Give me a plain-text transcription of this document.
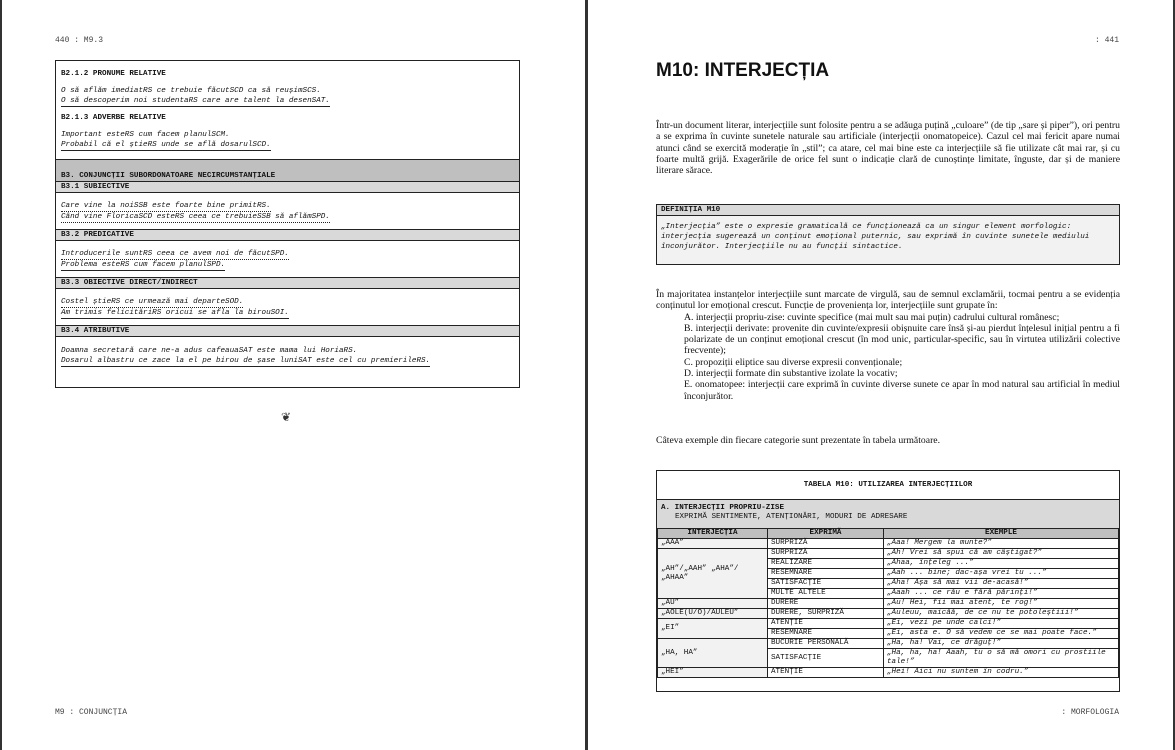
440 : M9.3
B2.1.2 PRONUME RELATIVE
O să aflăm imediatRS ce trebuie făcutSCD ca să reușimSCS.
O să descoperim noi studentaRS care are talent la desenSAT.
B2.1.3 ADVERBE RELATIVE
Important esteRS cum facem planulSCM.
Probabil că el știeRS unde se află dosarulSCD.
B3. CONJUNCȚII SUBORDONATOARE NECIRCUMSTANȚIALE
B3.1 SUBIECTIVE
Care vine la noiSSB este foarte bine primitRS.
Când vine FloricaSCD esteRS ceea ce trebuieSSB să aflămSPD.
B3.2 PREDICATIVE
Introducerile suntRS ceea ce avem noi de făcutSPD.
Problema esteRS cum facem planulSPD.
B3.3 OBIECTIVE DIRECT/INDIRECT
Costel știeRS ce urmează mai departeSOD.
Am trimis felicităriRS oricui se afla la birouSOI.
B3.4 ATRIBUTIVE
Doamna secretară care ne-a adus cafeauaSAT este mama lui HoriaRS.
Dosarul albastru ce zace la el pe birou de șase luniSAT este cel cu premierileRS.
❦
M9 : CONJUNCȚIA
: 441
M10: INTERJECȚIA
Într-un document literar, interjecțiile sunt folosite pentru a se adăuga puțină „culoare” (de tip „sare și piper”), ori pentru a se exprima în cuvinte sunetele naturale sau artificiale (interjecții onomatopeice). Cazul cel mai fericit apare numai atunci când se exercită moderație în „stil”; ca atare, cel mai bine este ca interjecțiile să fie utilizate cât mai rar, și cu foarte multă grijă. Exagerările de orice fel sunt o indicație clară de cunoștințe limitate, înguste, dar și de maniere literare sărace.
DEFINIȚIA M10
„Interjecția” este o expresie gramaticală ce funcționează ca un singur element morfologic: interjecția sugerează un conținut emoțional puternic, sau exprimă în cuvinte sunetele mediului înconjurător. Interjecțiile nu au funcții sintactice.
În majoritatea instanțelor interjecțiile sunt marcate de virgulă, sau de semnul exclamării, tocmai pentru a se evidenția conținutul lor emoțional crescut. Funcție de proveniența lor, interjecțiile sunt grupate în:
A. interjecții propriu-zise: cuvinte specifice (mai mult sau mai puțin) cadrului cultural românesc;
B. interjecții derivate: provenite din cuvinte/expresii obișnuite care însă și-au pierdut înțelesul inițial pentru a fi polarizate de un conținut emoțional crescut (în mod unic, particular-specific, sau în virtutea utilizării colective frecvente);
C. propoziții eliptice sau diverse expresii convenționale;
D. interjecții formate din substantive izolate la vocativ;
E. onomatopee: interjecții care exprimă în cuvinte diverse sunete ce apar în mod natural sau artificial în mediul înconjurător.
Câteva exemple din fiecare categorie sunt prezentate în tabela următoare.
TABELA M10: UTILIZAREA INTERJECȚIILOR
A. INTERJECȚII PROPRIU-ZISE
EXPRIMĂ SENTIMENTE, ATENȚIONĂRI, MODURI DE ADRESARE
INTERJECȚIA	EXPRIMĂ	EXEMPLE
„AAA”	SURPRIZĂ	„Aaa! Mergem la munte?”
„AH”/„AAH” „AHA”/„AHAA”	SURPRIZĂ	„Ah! Vrei să spui că am câștigat?”
	REALIZARE	„Ahaa, înțeleg ...”
	RESEMNARE	„Aah ... bine; dac-așa vrei tu ...”
	SATISFACȚIE	„Aha! Așa să mai vii de-acasă!”
	MULTE ALTELE	„Aaah ... ce rău e fără părinți!”
„AU”	DURERE	„Au! Hei, fii mai atent, te rog!”
„AOLE(U/O)/AULEU”	DURERE, SURPRIZĂ	„Auleuu, maicăă, de ce nu te potoleștiii!”
„EI”	ATENȚIE	„Ei, vezi pe unde calci!”
	RESEMNARE	„Ei, asta e. O să vedem ce se mai poate face.”
„HA, HA”	BUCURIE PERSONALĂ	„Ha, ha! Vai, ce drăguț!”
	SATISFACȚIE	„Ha, ha, ha! Aaah, tu o să mă omori cu prostiile tale!”
„HEI”	ATENȚIE	„Hei! Aici nu suntem în codru.”
: MORFOLOGIA
